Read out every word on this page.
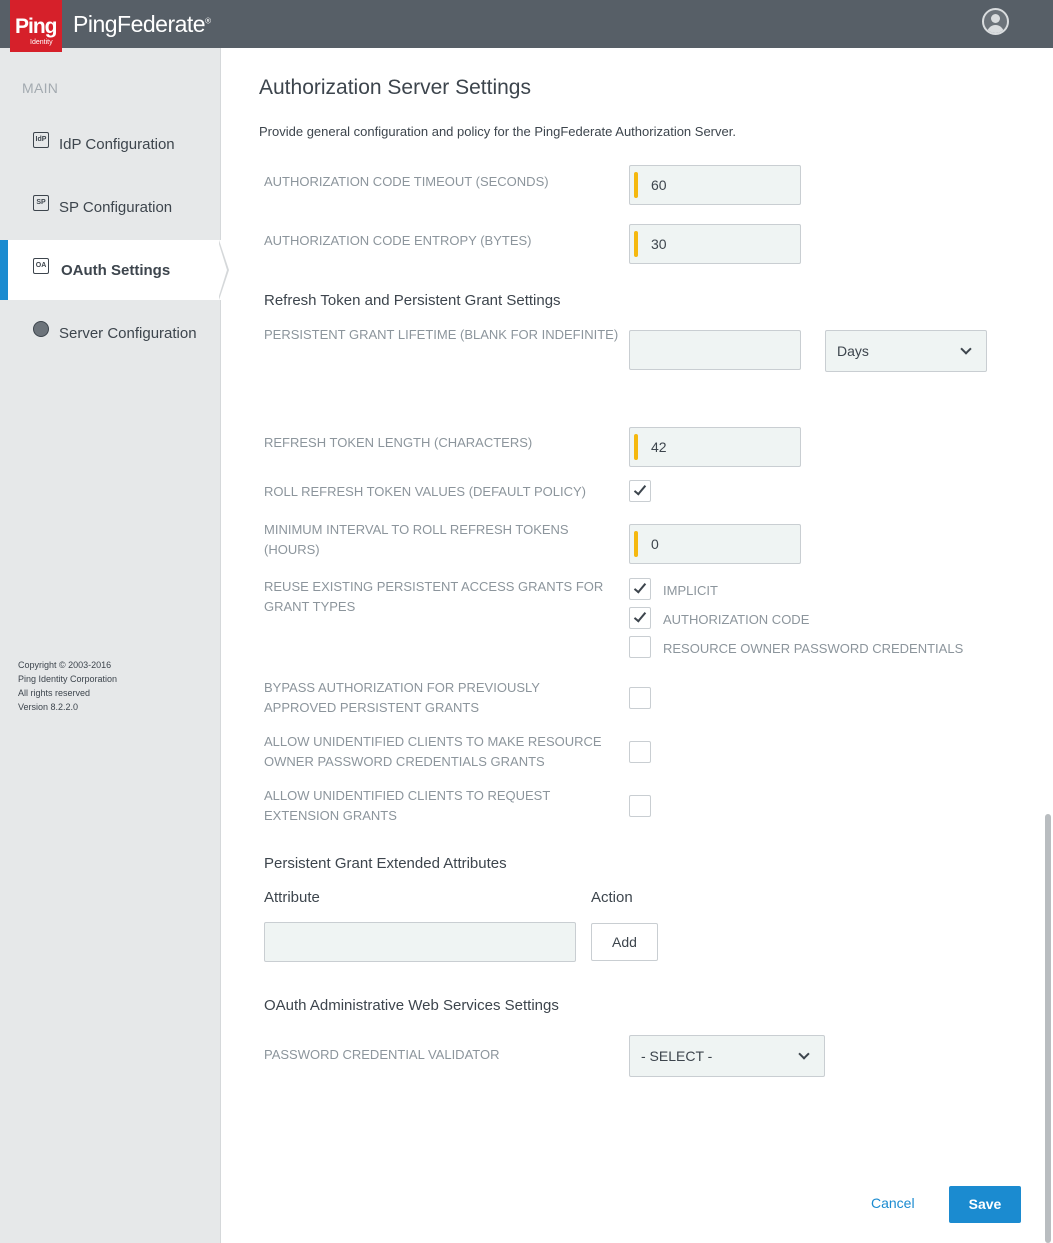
PingFederate®
Ping
Identity
MAIN
IdP IdP Configuration
SP SP Configuration
OA OAuth Settings
Server Configuration
Copyright © 2003-2016
Ping Identity Corporation
All rights reserved
Version 8.2.2.0
Authorization Server Settings
Provide general configuration and policy for the PingFederate Authorization Server.
AUTHORIZATION CODE TIMEOUT (SECONDS)	60
AUTHORIZATION CODE ENTROPY (BYTES)	30
Refresh Token and Persistent Grant Settings
PERSISTENT GRANT LIFETIME (BLANK FOR INDEFINITE)
Days
REFRESH TOKEN LENGTH (CHARACTERS)	42
ROLL REFRESH TOKEN VALUES (DEFAULT POLICY)
MINIMUM INTERVAL TO ROLL REFRESH TOKENS
(HOURS)	0
REUSE EXISTING PERSISTENT ACCESS GRANTS FOR
GRANT TYPES
IMPLICIT
AUTHORIZATION CODE
RESOURCE OWNER PASSWORD CREDENTIALS
BYPASS AUTHORIZATION FOR PREVIOUSLY
APPROVED PERSISTENT GRANTS
ALLOW UNIDENTIFIED CLIENTS TO MAKE RESOURCE
OWNER PASSWORD CREDENTIALS GRANTS
ALLOW UNIDENTIFIED CLIENTS TO REQUEST
EXTENSION GRANTS
Persistent Grant Extended Attributes
Attribute	Action
Add
OAuth Administrative Web Services Settings
PASSWORD CREDENTIAL VALIDATOR	- SELECT -
Cancel	Save
